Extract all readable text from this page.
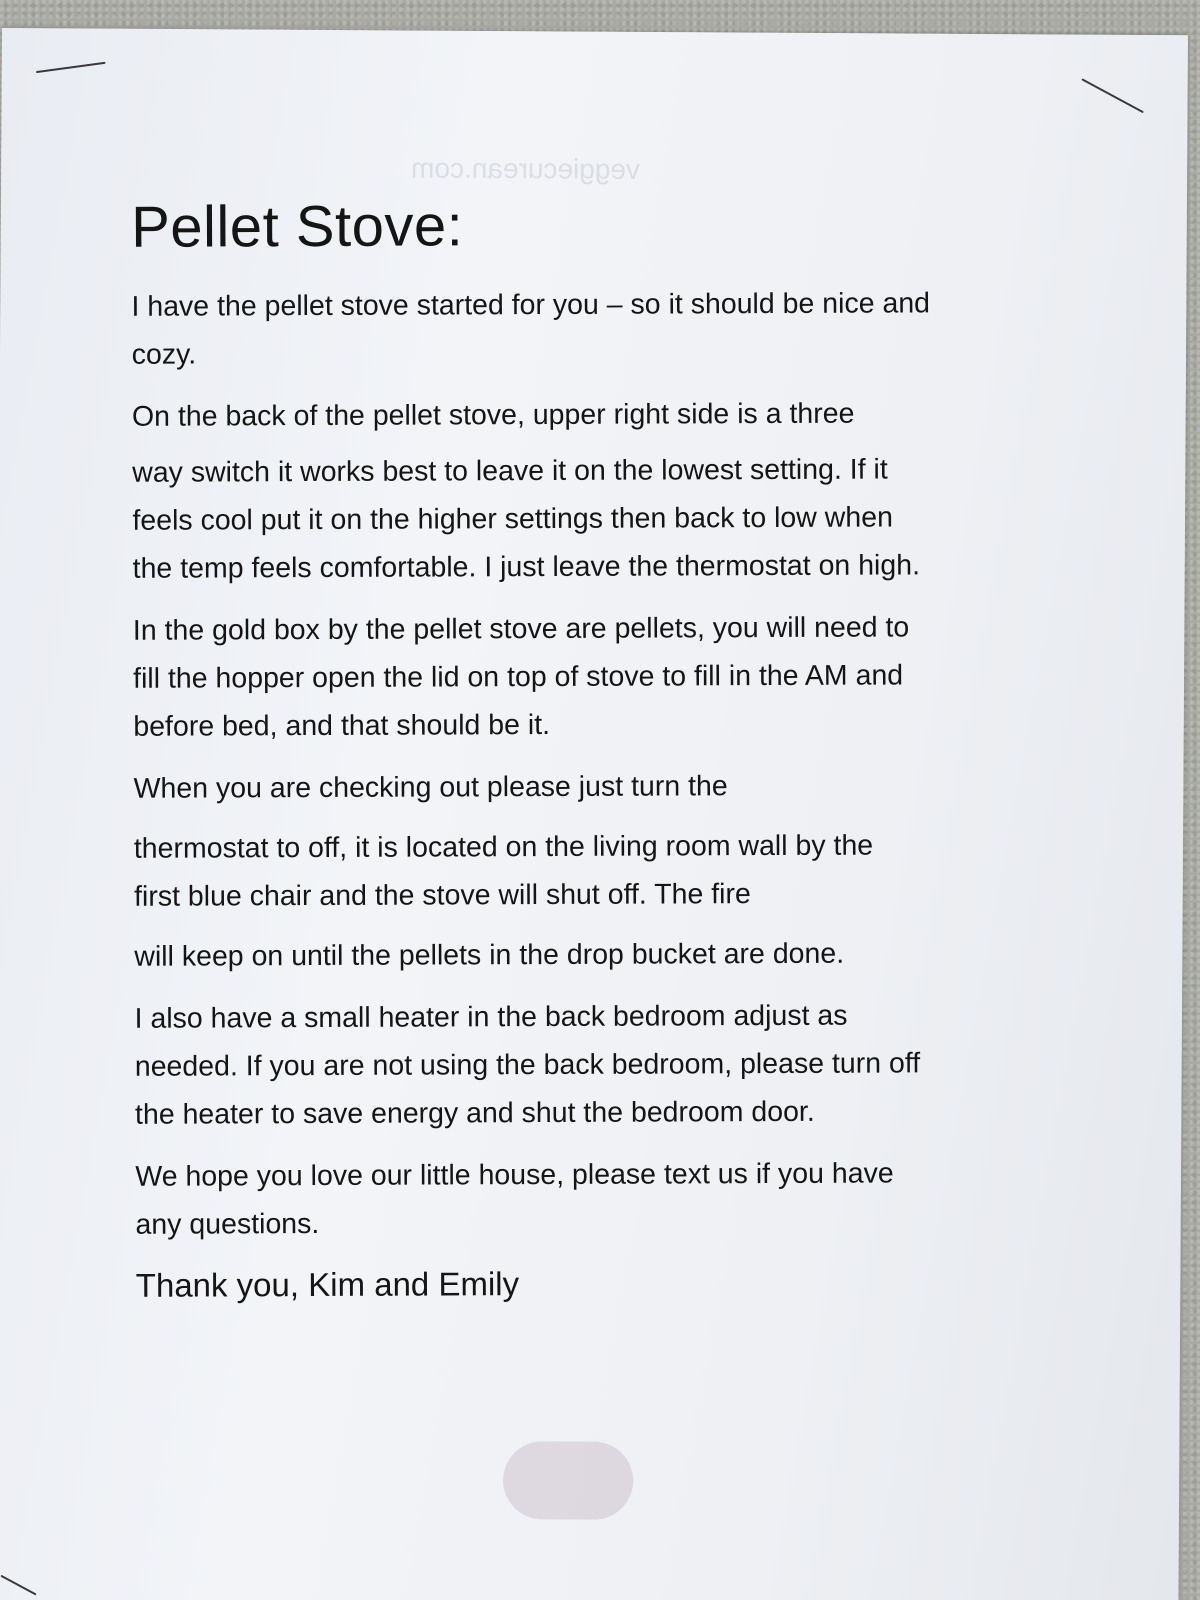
veggiecurean.com
Pellet Stove:

I have the pellet stove started for you – so it should be nice and
cozy.

On the back of the pellet stove, upper right side is a three
way switch it works best to leave it on the lowest setting. If it
feels cool put it on the higher settings then back to low when
the temp feels comfortable. I just leave the thermostat on high.

In the gold box by the pellet stove are pellets, you will need to
fill the hopper open the lid on top of stove to fill in the AM and
before bed, and that should be it.

When you are checking out please just turn the
thermostat to off, it is located on the living room wall by the
first blue chair and the stove will shut off. The fire
will keep on until the pellets in the drop bucket are done.

I also have a small heater in the back bedroom adjust as
needed. If you are not using the back bedroom, please turn off
the heater to save energy and shut the bedroom door.

We hope you love our little house, please text us if you have
any questions.

Thank you, Kim and Emily
